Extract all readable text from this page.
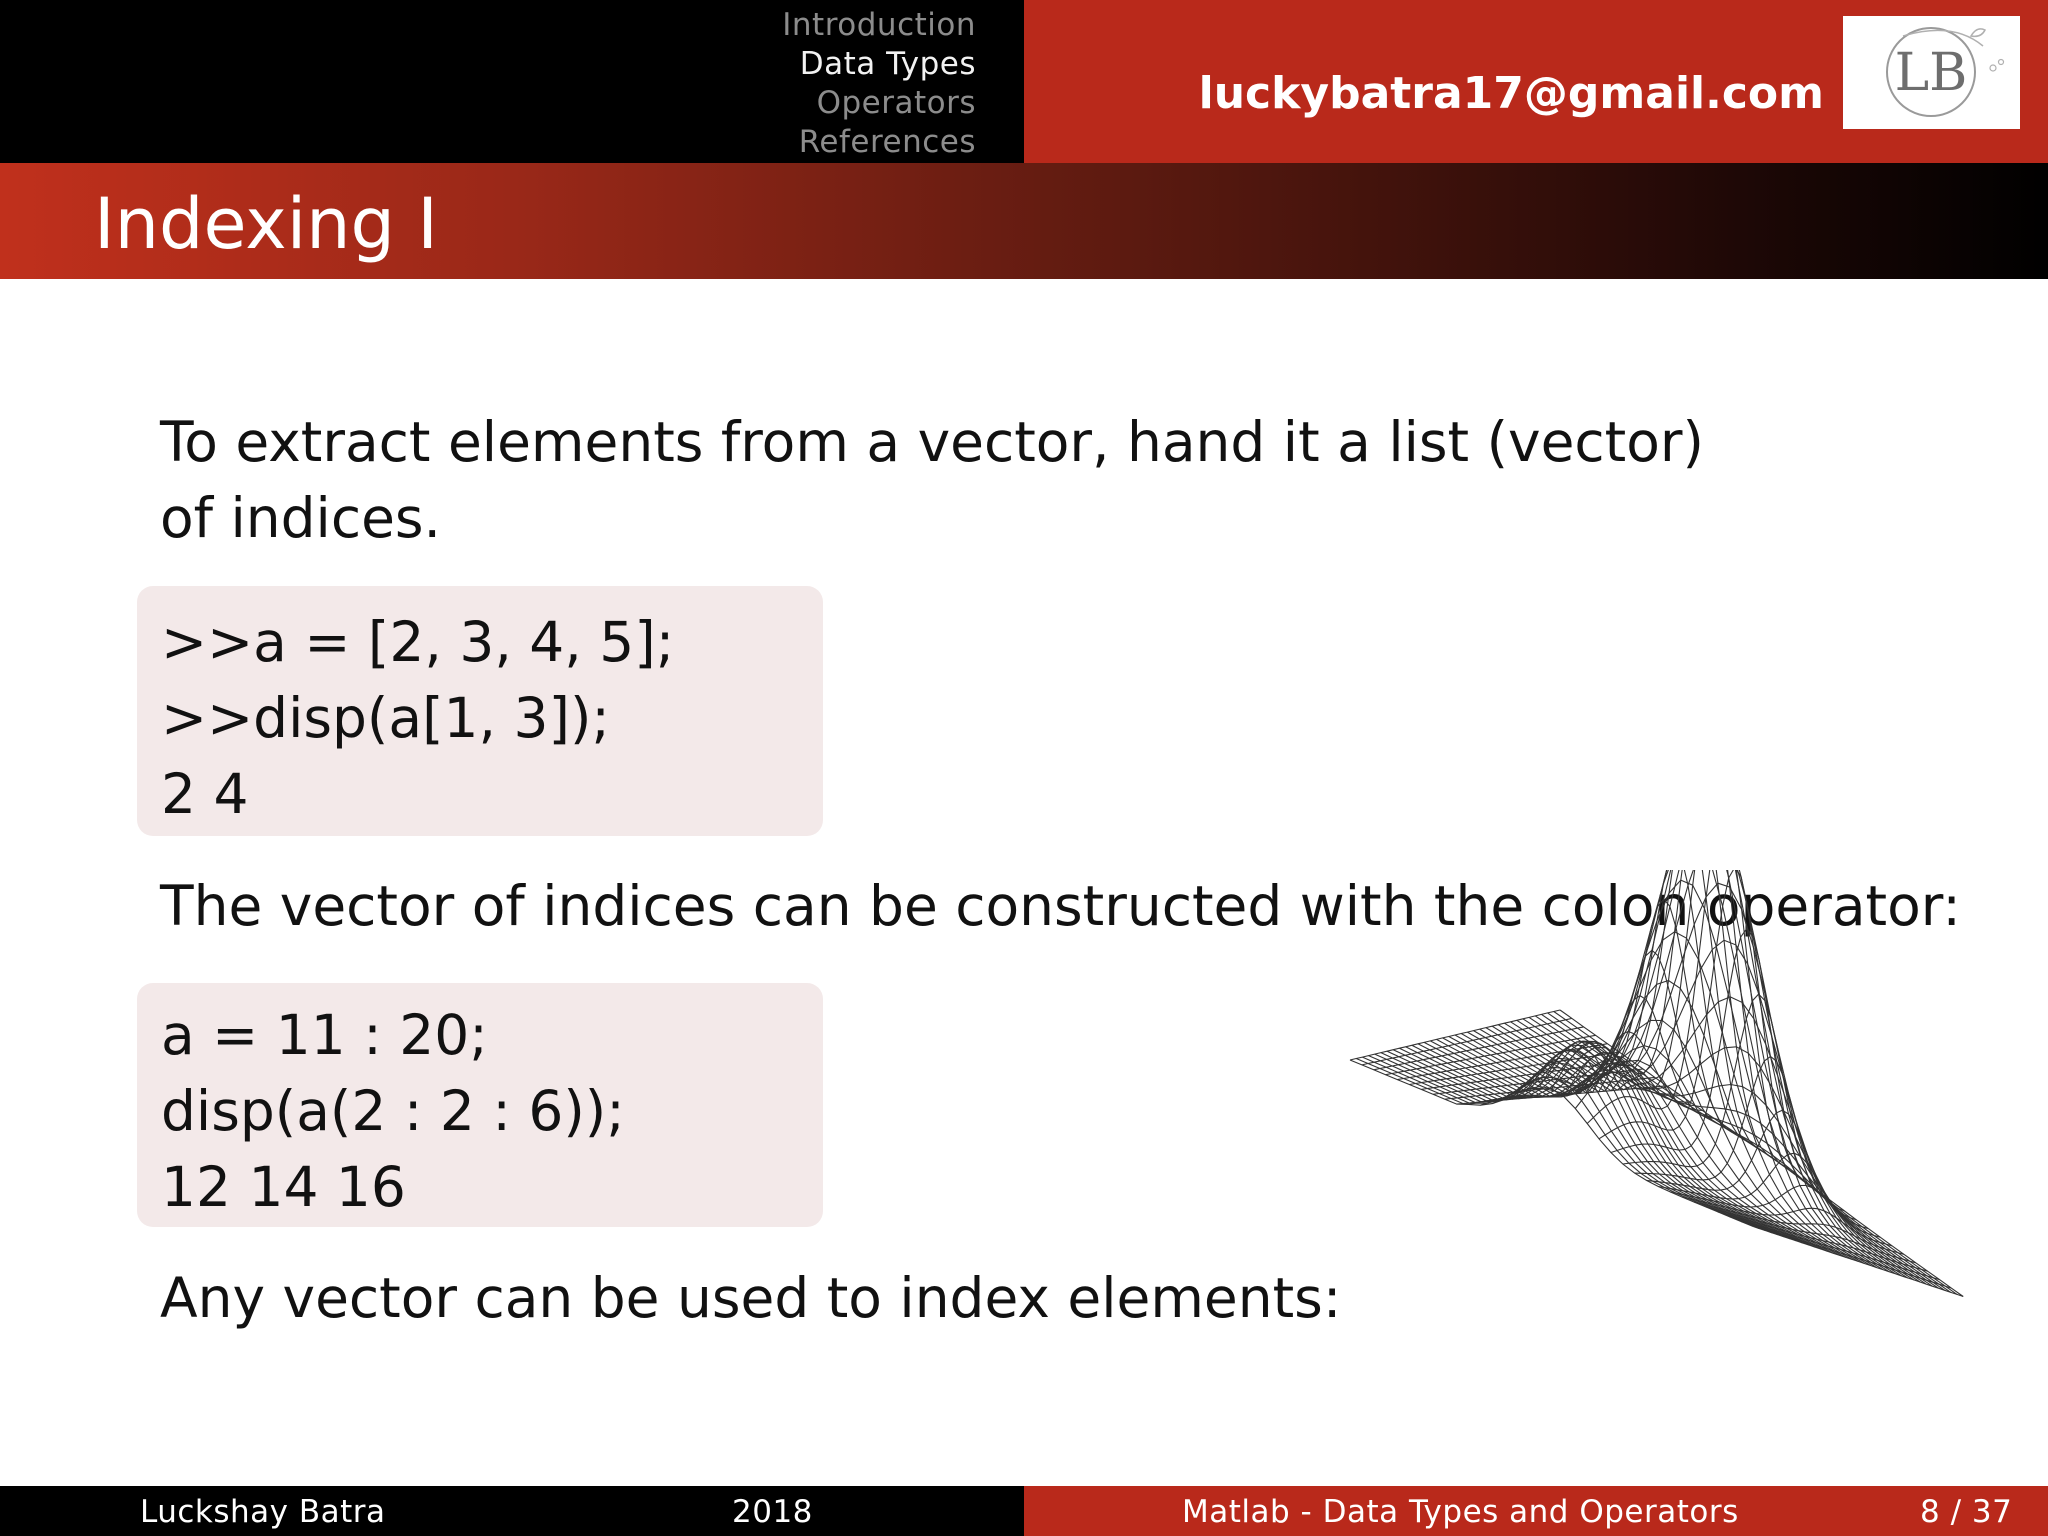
Introduction
Data Types
Operators
References
luckybatra17@gmail.com LB
Indexing I
To extract elements from a vector, hand it a list (vector) of indices.
>>a = [2, 3, 4, 5];
>>disp(a[1, 3]);
2 4
The vector of indices can be constructed with the colon operator:
a = 11 : 20;
disp(a(2 : 2 : 6));
12 14 16
Any vector can be used to index elements:
Luckshay Batra	2018	Matlab - Data Types and Operators	8 / 37
